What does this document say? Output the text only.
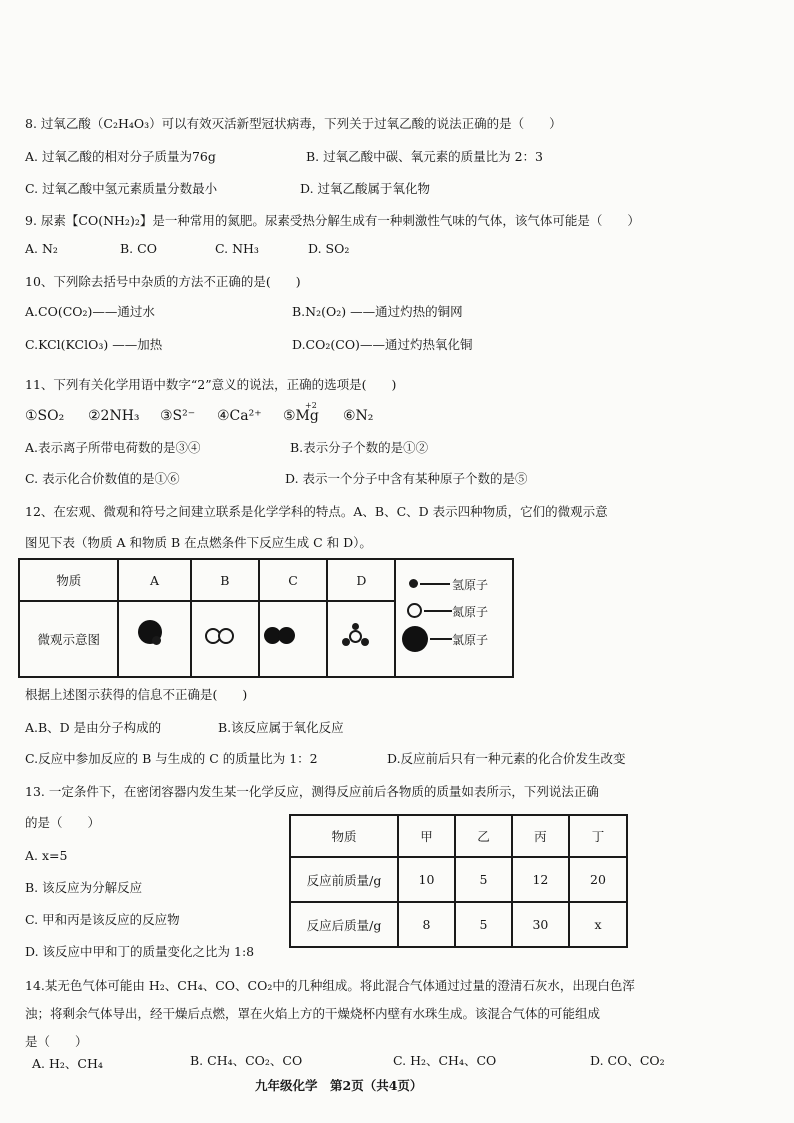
8. 过氧乙酸（C₂H₄O₃）可以有效灭活新型冠状病毒，下列关于过氧乙酸的说法正确的是（　　）
A. 过氧乙酸的相对分子质量为76g	B. 过氧乙酸中碳、氧元素的质量比为 2：3
C. 过氧乙酸中氢元素质量分数最小	D. 过氧乙酸属于氧化物
9. 尿素【CO(NH₂)₂】是一种常用的氮肥。尿素受热分解生成有一种刺激性气味的气体，该气体可能是（　　）
A. N₂	B. CO	C. NH₃	D. SO₂
10、下列除去括号中杂质的方法不正确的是(　　)
A.CO(CO₂)——通过水	B.N₂(O₂) ——通过灼热的铜网
C.KCl(KClO₃) ——加热	D.CO₂(CO)——通过灼热氧化铜
11、下列有关化学用语中数字“2”意义的说法，正确的选项是(　　)
①SO₂ ②2NH₃ ③S²⁻ ④Ca²⁺
+2
⑤Mg ⑥N₂
A.表示离子所带电荷数的是③④	B.表示分子个数的是①②
C. 表示化合价数值的是①⑥	D. 表示一个分子中含有某种原子个数的是⑤
12、在宏观、微观和符号之间建立联系是化学学科的特点。A、B、C、D 表示四种物质，它们的微观示意
图见下表（物质 A 和物质 B 在点燃条件下反应生成 C 和 D）。
物质	A	B	C	D	
微观示意图					
氢原子
氮原子
氯原子
根据上述图示获得的信息不正确是(　　)
A.B、D 是由分子构成的	B.该反应属于氧化反应
C.反应中参加反应的 B 与生成的 C 的质量比为 1：2	D.反应前后只有一种元素的化合价发生改变
13. 一定条件下，在密闭容器内发生某一化学反应，测得反应前后各物质的质量如表所示，下列说法正确
的是（　　）
A. x=5
B. 该反应为分解反应
C. 甲和丙是该反应的反应物
D. 该反应中甲和丁的质量变化之比为 1:8
物质	甲	乙	丙	丁
反应前质量/g	10	5	12	20
反应后质量/g	8	5	30	x
14.某无色气体可能由 H₂、CH₄、CO、CO₂中的几种组成。将此混合气体通过过量的澄清石灰水，出现白色浑
浊；将剩余气体导出，经干燥后点燃，罩在火焰上方的干燥烧杯内壁有水珠生成。该混合气体的可能组成
是（　　）
A. H₂、CH₄	B. CH₄、CO₂、CO	C. H₂、CH₄、CO	D. CO、CO₂
九年级化学　第2页（共4页）
